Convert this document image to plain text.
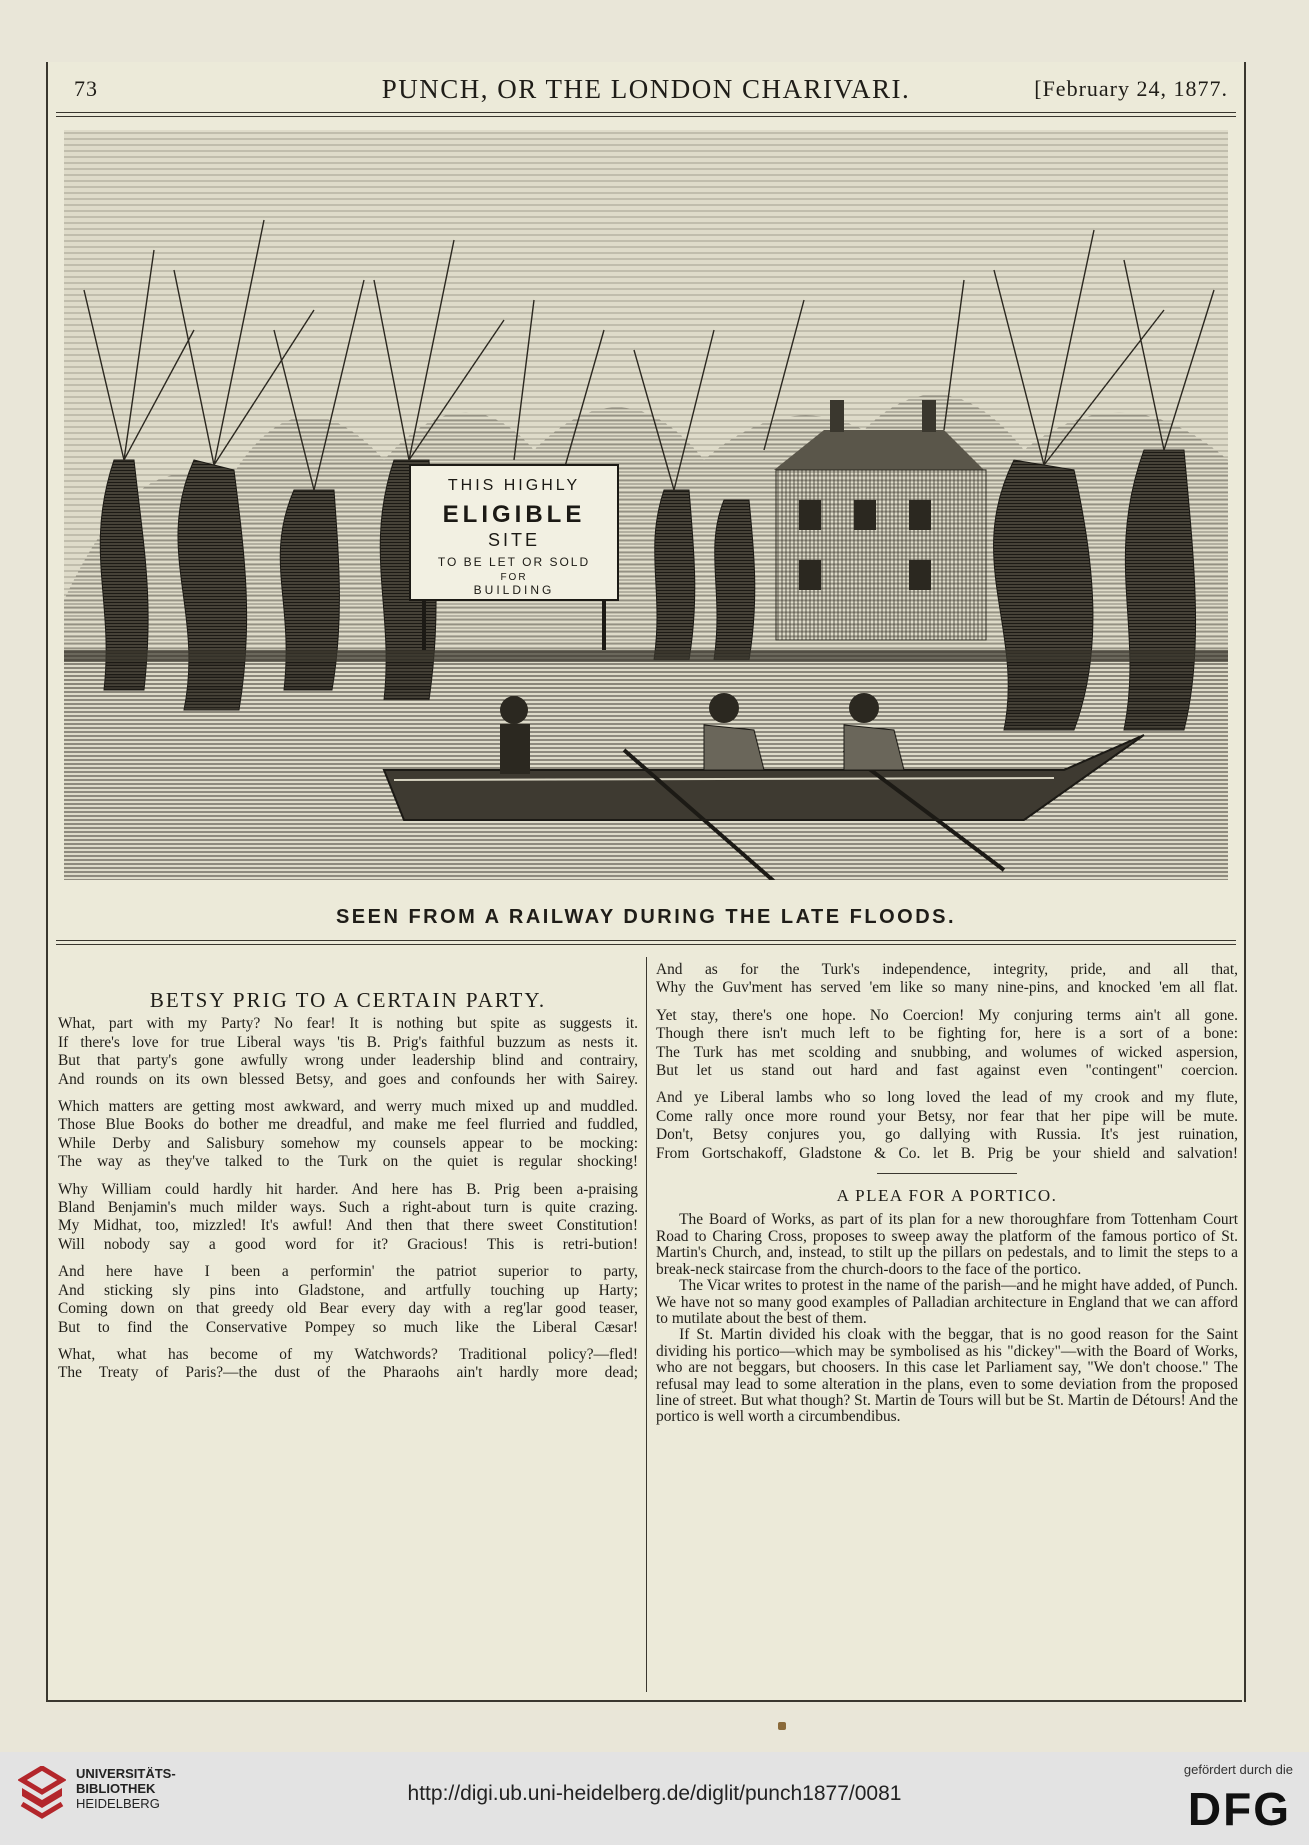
73	PUNCH, OR THE LONDON CHARIVARI.	[February 24, 1877.
THIS HIGHLY
ELIGIBLE
SITE
TO BE LET OR SOLD
FOR
BUILDING
SEEN FROM A RAILWAY DURING THE LATE FLOODS.
BETSY PRIG TO A CERTAIN PARTY.
What, part with my Party? No fear! It is nothing but spite as suggests it.
If there's love for true Liberal ways 'tis B. Prig's faithful buzzum as nests it.
But that party's gone awfully wrong under leadership blind and contrairy,
And rounds on its own blessed Betsy, and goes and confounds her with Sairey.
Which matters are getting most awkward, and werry much mixed up and muddled.
Those Blue Books do bother me dreadful, and make me feel flurried and fuddled,
While Derby and Salisbury somehow my counsels appear to be mocking:
The way as they've talked to the Turk on the quiet is regular shocking!
Why William could hardly hit harder. And here has B. Prig been a-praising
Bland Benjamin's much milder ways. Such a right-about turn is quite crazing.
My Midhat, too, mizzled! It's awful! And then that there sweet Constitution!
Will nobody say a good word for it? Gracious! This is retri-bution!
And here have I been a performin' the patriot superior to party,
And sticking sly pins into Gladstone, and artfully touching up Harty;
Coming down on that greedy old Bear every day with a reg'lar good teaser,
But to find the Conservative Pompey so much like the Liberal Cæsar!
What, what has become of my Watchwords? Traditional policy?—fled!
The Treaty of Paris?—the dust of the Pharaohs ain't hardly more dead;
And as for the Turk's independence, integrity, pride, and all that,
Why the Guv'ment has served 'em like so many nine-pins, and knocked 'em all flat.
Yet stay, there's one hope. No Coercion! My conjuring terms ain't all gone.
Though there isn't much left to be fighting for, here is a sort of a bone:
The Turk has met scolding and snubbing, and wolumes of wicked aspersion,
But let us stand out hard and fast against even "contingent" coercion.
And ye Liberal lambs who so long loved the lead of my crook and my flute,
Come rally once more round your Betsy, nor fear that her pipe will be mute.
Don't, Betsy conjures you, go dallying with Russia. It's jest ruination,
From Gortschakoff, Gladstone & Co. let B. Prig be your shield and salvation!
A PLEA FOR A PORTICO.

The Board of Works, as part of its plan for a new thoroughfare from Tottenham Court Road to Charing Cross, proposes to sweep away the platform of the famous portico of St. Martin's Church, and, instead, to stilt up the pillars on pedestals, and to limit the steps to a break-neck staircase from the church-doors to the face of the portico.

The Vicar writes to protest in the name of the parish—and he might have added, of Punch. We have not so many good examples of Palladian architecture in England that we can afford to mutilate about the best of them.

If St. Martin divided his cloak with the beggar, that is no good reason for the Saint dividing his portico—which may be symbolised as his "dickey"—with the Board of Works, who are not beggars, but choosers. In this case let Parliament say, "We don't choose." The refusal may lead to some alteration in the plans, even to some deviation from the proposed line of street. But what though? St. Martin de Tours will but be St. Martin de Détours! And the portico is well worth a circumbendibus.

UNIVERSITÄTS-
BIBLIOTHEK
HEIDELBERG	http://digi.ub.uni-heidelberg.de/diglit/punch1877/0081
gefördert durch die
DFG
